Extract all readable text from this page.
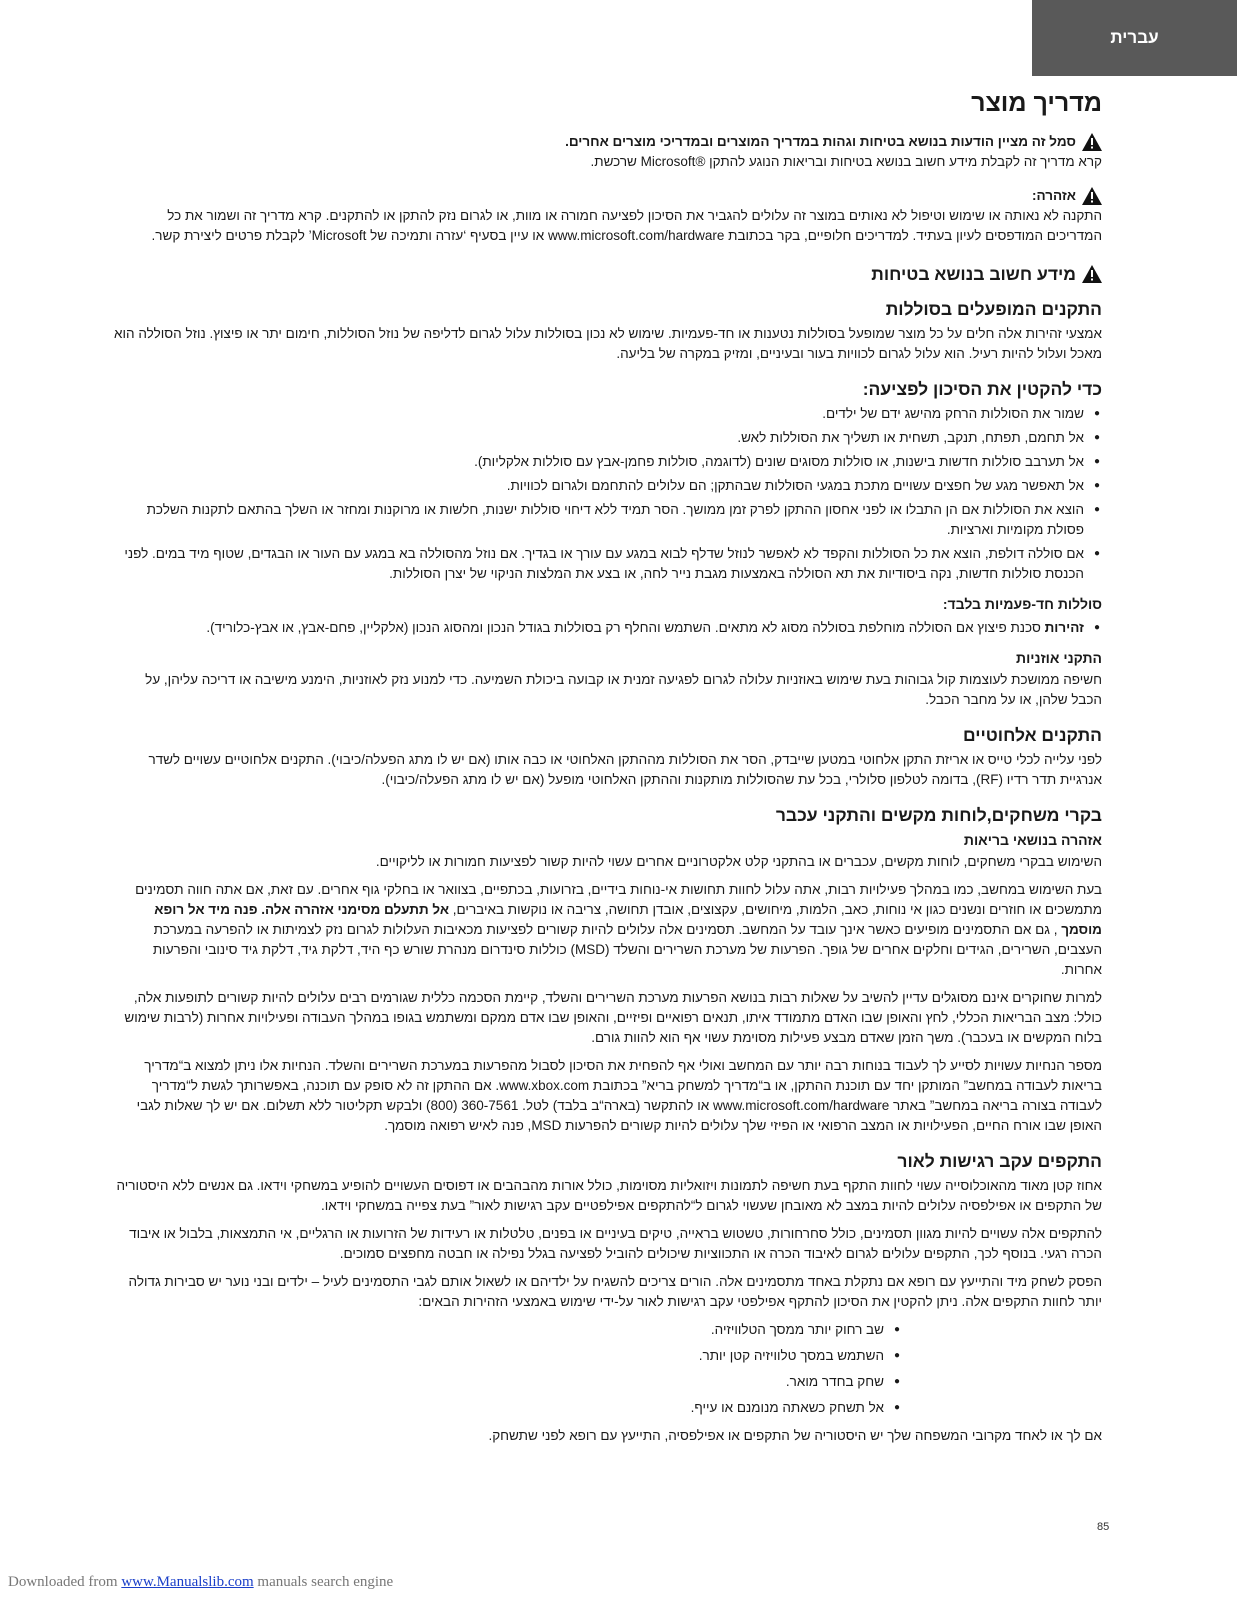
עברית
מדריך מוצר
סמל זה מציין הודעות בנושא בטיחות וגהות במדריך המוצרים ובמדריכי מוצרים אחרים.

קרא מדריך זה לקבלת מידע חשוב בנושא בטיחות ובריאות הנוגע להתקן ®Microsoft שרכשת.

אזהרה:

התקנה לא נאותה או שימוש וטיפול לא נאותים במוצר זה עלולים להגביר את הסיכון לפציעה חמורה או מוות, או לגרום נזק להתקן או להתקנים. קרא מדריך זה ושמור את כל המדריכים המודפסים לעיון בעתיד. למדריכים חלופיים, בקר בכתובת www.microsoft.com/hardware או עיין בסעיף ‘עזרה ותמיכה של Microsoft’ לקבלת פרטים ליצירת קשר.

מידע חשוב בנושא בטיחות
התקנים המופעלים בסוללות

אמצעי זהירות אלה חלים על כל מוצר שמופעל בסוללות נטענות או חד-פעמיות. שימוש לא נכון בסוללות עלול לגרום לדליפה של נוזל הסוללות, חימום יתר או פיצוץ. נוזל הסוללה הוא מאכל ועלול להיות רעיל. הוא עלול לגרום לכוויות בעור ובעיניים, ומזיק במקרה של בליעה.

כדי להקטין את הסיכון לפציעה:
● שמור את הסוללות הרחק מהישג ידם של ילדים.
● אל תחמם, תפתח, תנקב, תשחית או תשליך את הסוללות לאש.
● אל תערבב סוללות חדשות בישנות, או סוללות מסוגים שונים (לדוגמה, סוללות פחמן-אבץ עם סוללות אלקליות).
● אל תאפשר מגע של חפצים עשויים מתכת במגעי הסוללות שבהתקן; הם עלולים להתחמם ולגרום לכוויות.
● הוצא את הסוללות אם הן התבלו או לפני אחסון ההתקן לפרק זמן ממושך. הסר תמיד ללא דיחוי סוללות ישנות, חלשות או מרוקנות ומחזר או השלך בהתאם לתקנות השלכת פסולת מקומיות וארציות.
● אם סוללה דולפת, הוצא את כל הסוללות והקפד לא לאפשר לנוזל שדלף לבוא במגע עם עורך או בגדיך. אם נוזל מהסוללה בא במגע עם העור או הבגדים, שטוף מיד במים. לפני הכנסת סוללות חדשות, נקה ביסודיות את תא הסוללה באמצעות מגבת נייר לחה, או בצע את המלצות הניקוי של יצרן הסוללות.
סוללות חד-פעמיות בלבד:
● זהירות סכנת פיצוץ אם הסוללה מוחלפת בסוללה מסוג לא מתאים. השתמש והחלף רק בסוללות בגודל הנכון ומהסוג הנכון (אלקליין, פחם-אבץ, או אבץ-כלוריד).
התקני אוזניות

חשיפה ממושכת לעוצמות קול גבוהות בעת שימוש באוזניות עלולה לגרום לפגיעה זמנית או קבועה ביכולת השמיעה. כדי למנוע נזק לאוזניות, הימנע מישיבה או דריכה עליהן, על הכבל שלהן, או על מחבר הכבל.

התקנים אלחוטיים

לפני עלייה לכלי טייס או אריזת התקן אלחוטי במטען שייבדק, הסר את הסוללות מההתקן האלחוטי או כבה אותו (אם יש לו מתג הפעלה/כיבוי). התקנים אלחוטיים עשויים לשדר אנרגיית תדר רדיו (RF), בדומה לטלפון סלולרי, בכל עת שהסוללות מותקנות וההתקן האלחוטי מופעל (אם יש לו מתג הפעלה/כיבוי).

בקרי משחקים,לוחות מקשים והתקני עכבר
אזהרה בנושאי בריאות

השימוש בבקרי משחקים, לוחות מקשים, עכברים או בהתקני קלט אלקטרוניים אחרים עשוי להיות קשור לפציעות חמורות או לליקויים.

בעת השימוש במחשב, כמו במהלך פעילויות רבות, אתה עלול לחוות תחושות אי-נוחות בידיים, בזרועות, בכתפיים, בצוואר או בחלקי גוף אחרים. עם זאת, אם אתה חווה תסמינים מתמשכים או חוזרים ונשנים כגון אי נוחות, כאב, הלמות, מיחושים, עקצוצים, אובדן תחושה, צריבה או נוקשות באיברים, אל תתעלם מסימני אזהרה אלה. פנה מיד אל רופא מוסמך , גם אם התסמינים מופיעים כאשר אינך עובד על המחשב. תסמינים אלה עלולים להיות קשורים לפציעות מכאיבות העלולות לגרום נזק לצמיתות או להפרעה במערכת העצבים, השרירים, הגידים וחלקים אחרים של גופך. הפרעות של מערכת השרירים והשלד (MSD) כוללות סינדרום מנהרת שורש כף היד, דלקת גיד, דלקת גיד סינובי והפרעות אחרות.

למרות שחוקרים אינם מסוגלים עדיין להשיב על שאלות רבות בנושא הפרעות מערכת השרירים והשלד, קיימת הסכמה כללית שגורמים רבים עלולים להיות קשורים לתופעות אלה, כולל: מצב הבריאות הכללי, לחץ והאופן שבו האדם מתמודד איתו, תנאים רפואיים ופיזיים, והאופן שבו אדם ממקם ומשתמש בגופו במהלך העבודה ופעילויות אחרות (לרבות שימוש בלוח המקשים או בעכבר). משך הזמן שאדם מבצע פעילות מסוימת עשוי אף הוא להוות גורם.

מספר הנחיות עשויות לסייע לך לעבוד בנוחות רבה יותר עם המחשב ואולי אף להפחית את הסיכון לסבול מהפרעות במערכת השרירים והשלד. הנחיות אלו ניתן למצוא ב“מדריך בריאות לעבודה במחשב” המותקן יחד עם תוכנת ההתקן, או ב“מדריך למשחק בריא” בכתובת www.xbox.com. אם ההתקן זה לא סופק עם תוכנה, באפשרותך לגשת ל“מדריך לעבודה בצורה בריאה במחשב” באתר www.microsoft.com/hardware או להתקשר (בארה“ב בלבד) לטל. 360-7561 (800) ולבקש תקליטור ללא תשלום. אם יש לך שאלות לגבי האופן שבו אורח החיים, הפעילויות או המצב הרפואי או הפיזי שלך עלולים להיות קשורים להפרעות MSD, פנה לאיש רפואה מוסמך.

התקפים עקב רגישות לאור

אחוז קטן מאוד מהאוכלוסייה עשוי לחוות התקף בעת חשיפה לתמונות ויזואליות מסוימות, כולל אורות מהבהבים או דפוסים העשויים להופיע במשחקי וידאו. גם אנשים ללא היסטוריה של התקפים או אפילפסיה עלולים להיות במצב לא מאובחן שעשוי לגרום ל“להתקפים אפילפטיים עקב רגישות לאור” בעת צפייה במשחקי וידאו.

להתקפים אלה עשויים להיות מגוון תסמינים, כולל סחרחורות, טשטוש בראייה, טיקים בעיניים או בפנים, טלטלות או רעידות של הזרועות או הרגליים, אי התמצאות, בלבול או איבוד הכרה רגעי. בנוסף לכך, התקפים עלולים לגרום לאיבוד הכרה או התכווציות שיכולים להוביל לפציעה בגלל נפילה או חבטה מחפצים סמוכים.

הפסק לשחק מיד והתייעץ עם רופא אם נתקלת באחד מתסמינים אלה. הורים צריכים להשגיח על ילדיהם או לשאול אותם לגבי התסמינים לעיל – ילדים ובני נוער יש סבירות גדולה יותר לחוות התקפים אלה. ניתן להקטין את הסיכון להתקף אפילפטי עקב רגישות לאור על-ידי שימוש באמצעי הזהירות הבאים:

● שב רחוק יותר ממסך הטלוויזיה.
● השתמש במסך טלוויזיה קטן יותר.
● שחק בחדר מואר.
● אל תשחק כשאתה מנומנם או עייף.

אם לך או לאחד מקרובי המשפחה שלך יש היסטוריה של התקפים או אפילפסיה, התייעץ עם רופא לפני שתשחק.

85
Downloaded from www.Manualslib.com manuals search engine
